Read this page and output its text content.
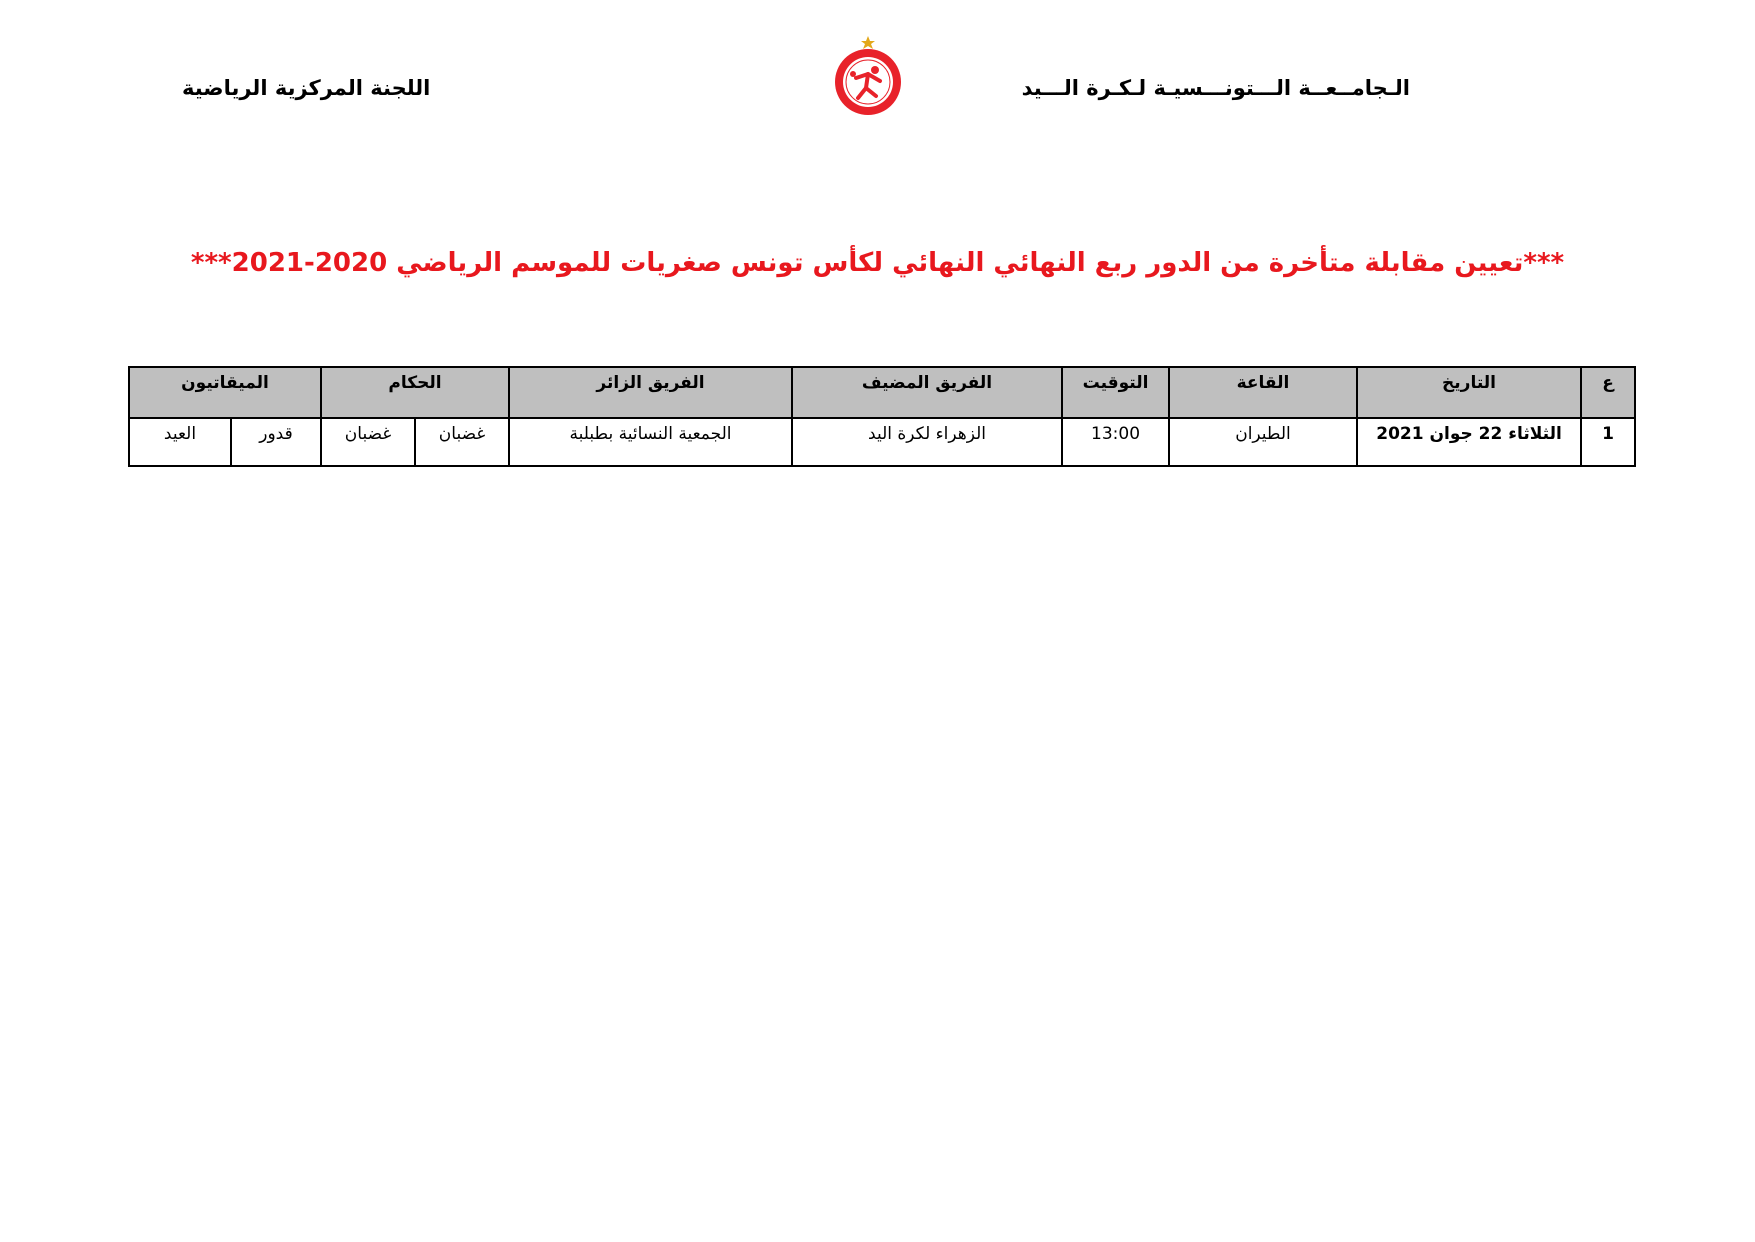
الـجامــعــة الـــتونـــسيـة لـكـرة الـــيد
اللجنة المركزية الرياضية
***تعيين مقابلة متأخرة من الدور ربع النهائي النهائي لكأس تونس صغريات للموسم الرياضي 2020-2021***
ع	التاريخ	القاعة	التوقيت	الفريق المضيف	الفريق الزائر	الحكام		الميقاتيون	
1	الثلاثاء 22 جوان 2021	الطيران	13:00	الزهراء لكرة اليد	الجمعية النسائية بطبلبة	غضبان	غضبان	قدور	العيد
